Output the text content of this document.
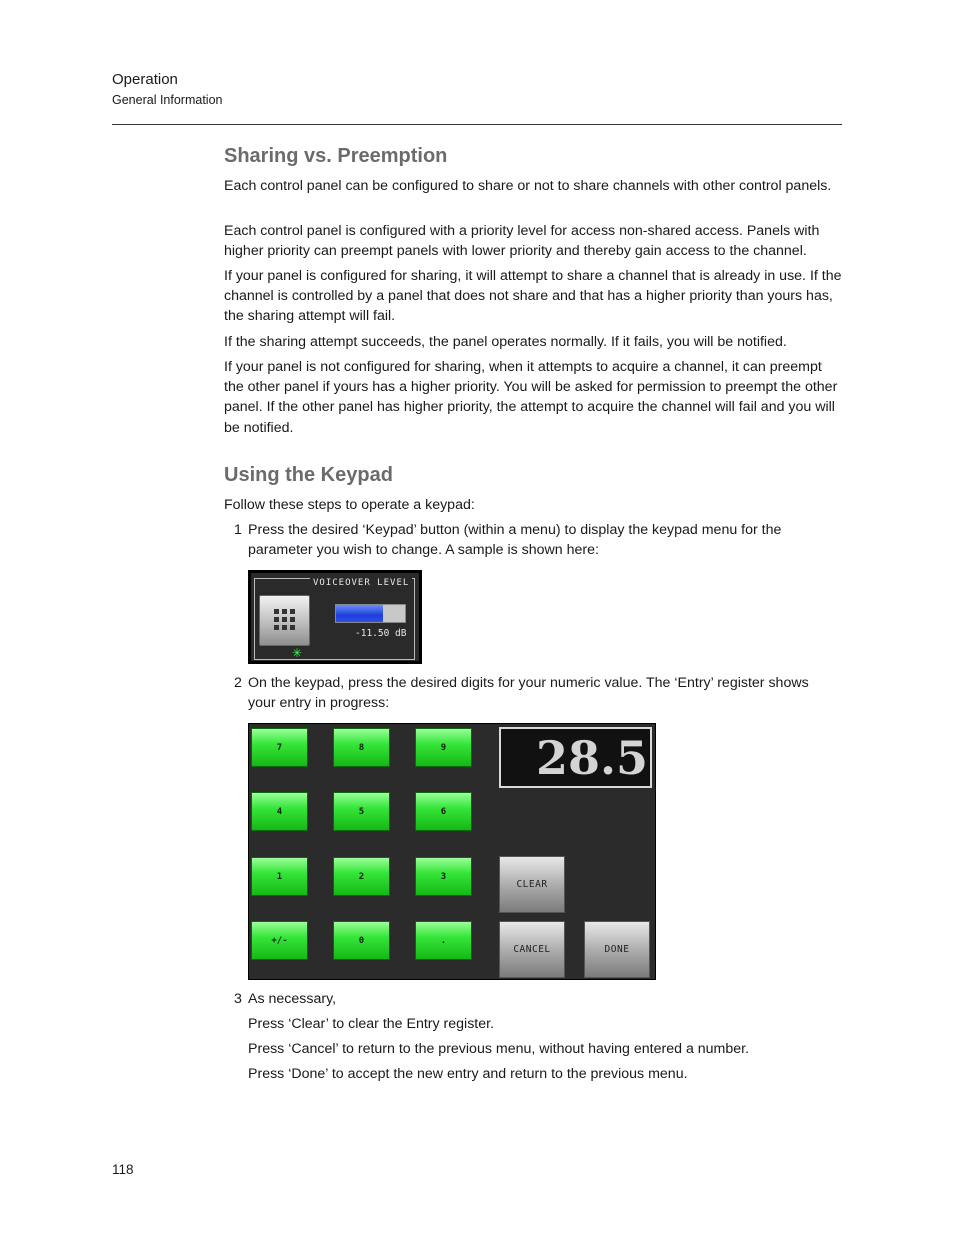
Operation
General Information
Sharing vs. Preemption

Each control panel can be configured to share or not to share channels with other control panels.

Each control panel is configured with a priority level for access non-shared access. Panels with higher priority can preempt panels with lower priority and thereby gain access to the channel.

If your panel is configured for sharing, it will attempt to share a channel that is already in use. If the channel is controlled by a panel that does not share and that has a higher priority than yours has, the sharing attempt will fail.

If the sharing attempt succeeds, the panel operates normally. If it fails, you will be notified.

If your panel is not configured for sharing, when it attempts to acquire a channel, it can preempt the other panel if yours has a higher priority. You will be asked for permission to preempt the other panel. If the other panel has higher priority, the attempt to acquire the channel will fail and you will be notified.

Using the Keypad

Follow these steps to operate a keypad:

1 Press the desired ‘Keypad’ button (within a menu) to display the keypad menu for the parameter you wish to change. A sample is shown here:
VOICEOVER LEVEL
-11.50 dB
✳
2 On the keypad, press the desired digits for your numeric value. The ‘Entry’ register shows your entry in progress:
7	8	9
4	5	6
1	2	3
+/-	0	.
28.5
CLEAR
CANCEL	DONE
3 As necessary,
Press ‘Clear’ to clear the Entry register.
Press ‘Cancel’ to return to the previous menu, without having entered a number.
Press ‘Done’ to accept the new entry and return to the previous menu.
118
